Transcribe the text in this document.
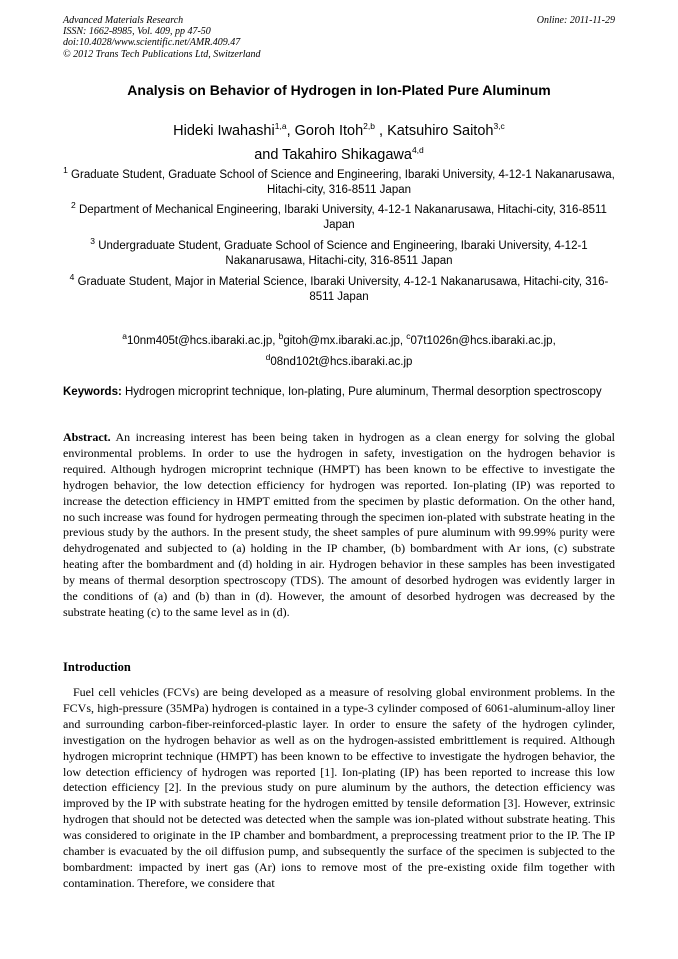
Advanced Materials Research
ISSN: 1662-8985, Vol. 409, pp 47-50
doi:10.4028/www.scientific.net/AMR.409.47
© 2012 Trans Tech Publications Ltd, Switzerland
Online: 2011-11-29
Analysis on Behavior of Hydrogen in Ion-Plated Pure Aluminum
Hideki Iwahashi$^{1,a}$, Goroh Itoh$^{2,b}$ , Katsuhiro Saitoh$^{3,c}$
and Takahiro Shikagawa$^{4,d}$
$^1$ Graduate Student, Graduate School of Science and Engineering, Ibaraki University, 4-12-1 Nakanarusawa, Hitachi-city, 316-8511 Japan
$^2$ Department of Mechanical Engineering, Ibaraki University, 4-12-1 Nakanarusawa, Hitachi-city, 316-8511 Japan
$^3$ Undergraduate Student, Graduate School of Science and Engineering, Ibaraki University, 4-12-1 Nakanarusawa, Hitachi-city, 316-8511 Japan
$^4$ Graduate Student, Major in Material Science, Ibaraki University, 4-12-1 Nakanarusawa, Hitachi-city, 316-8511 Japan
$^a$10nm405t@hcs.ibaraki.ac.jp, $^b$gitoh@mx.ibaraki.ac.jp, $^c$07t1026n@hcs.ibaraki.ac.jp,
$^d$08nd102t@hcs.ibaraki.ac.jp
Keywords: Hydrogen microprint technique, Ion-plating, Pure aluminum, Thermal desorption spectroscopy

Abstract. An increasing interest has been being taken in hydrogen as a clean energy for solving the global environmental problems. In order to use the hydrogen in safety, investigation on the hydrogen behavior is required. Although hydrogen microprint technique (HMPT) has been known to be effective to investigate the hydrogen behavior, the low detection efficiency for hydrogen was reported. Ion-plating (IP) was reported to increase the detection efficiency in HMPT emitted from the specimen by plastic deformation. On the other hand, no such increase was found for hydrogen permeating through the specimen ion-plated with substrate heating in the previous study by the authors. In the present study, the sheet samples of pure aluminum with 99.99% purity were dehydrogenated and subjected to (a) holding in the IP chamber, (b) bombardment with Ar ions, (c) substrate heating after the bombardment and (d) holding in air. Hydrogen behavior in these samples has been investigated by means of thermal desorption spectroscopy (TDS). The amount of desorbed hydrogen was evidently larger in the conditions of (a) and (b) than in (d). However, the amount of desorbed hydrogen was decreased by the substrate heating (c) to the same level as in (d).

Introduction

Fuel cell vehicles (FCVs) are being developed as a measure of resolving global environment problems. In the FCVs, high-pressure (35MPa) hydrogen is contained in a type-3 cylinder composed of 6061-aluminum-alloy liner and surrounding carbon-fiber-reinforced-plastic layer. In order to ensure the safety of the hydrogen cylinder, investigation on the hydrogen behavior as well as on the hydrogen-assisted embrittlement is required. Although hydrogen microprint technique (HMPT) has been known to be effective to investigate the hydrogen behavior, the low detection efficiency of hydrogen was reported [1]. Ion-plating (IP) has been reported to increase this low detection efficiency [2]. In the previous study on pure aluminum by the authors, the detection efficiency was improved by the IP with substrate heating for the hydrogen emitted by tensile deformation [3]. However, extrinsic hydrogen that should not be detected was detected when the sample was ion-plated without substrate heating. This was considered to originate in the IP chamber and bombardment, a preprocessing treatment prior to the IP. The IP chamber is evacuated by the oil diffusion pump, and subsequently the surface of the specimen is subjected to the bombardment: impacted by inert gas (Ar) ions to remove most of the pre-existing oxide film together with contamination. Therefore, we considere that
